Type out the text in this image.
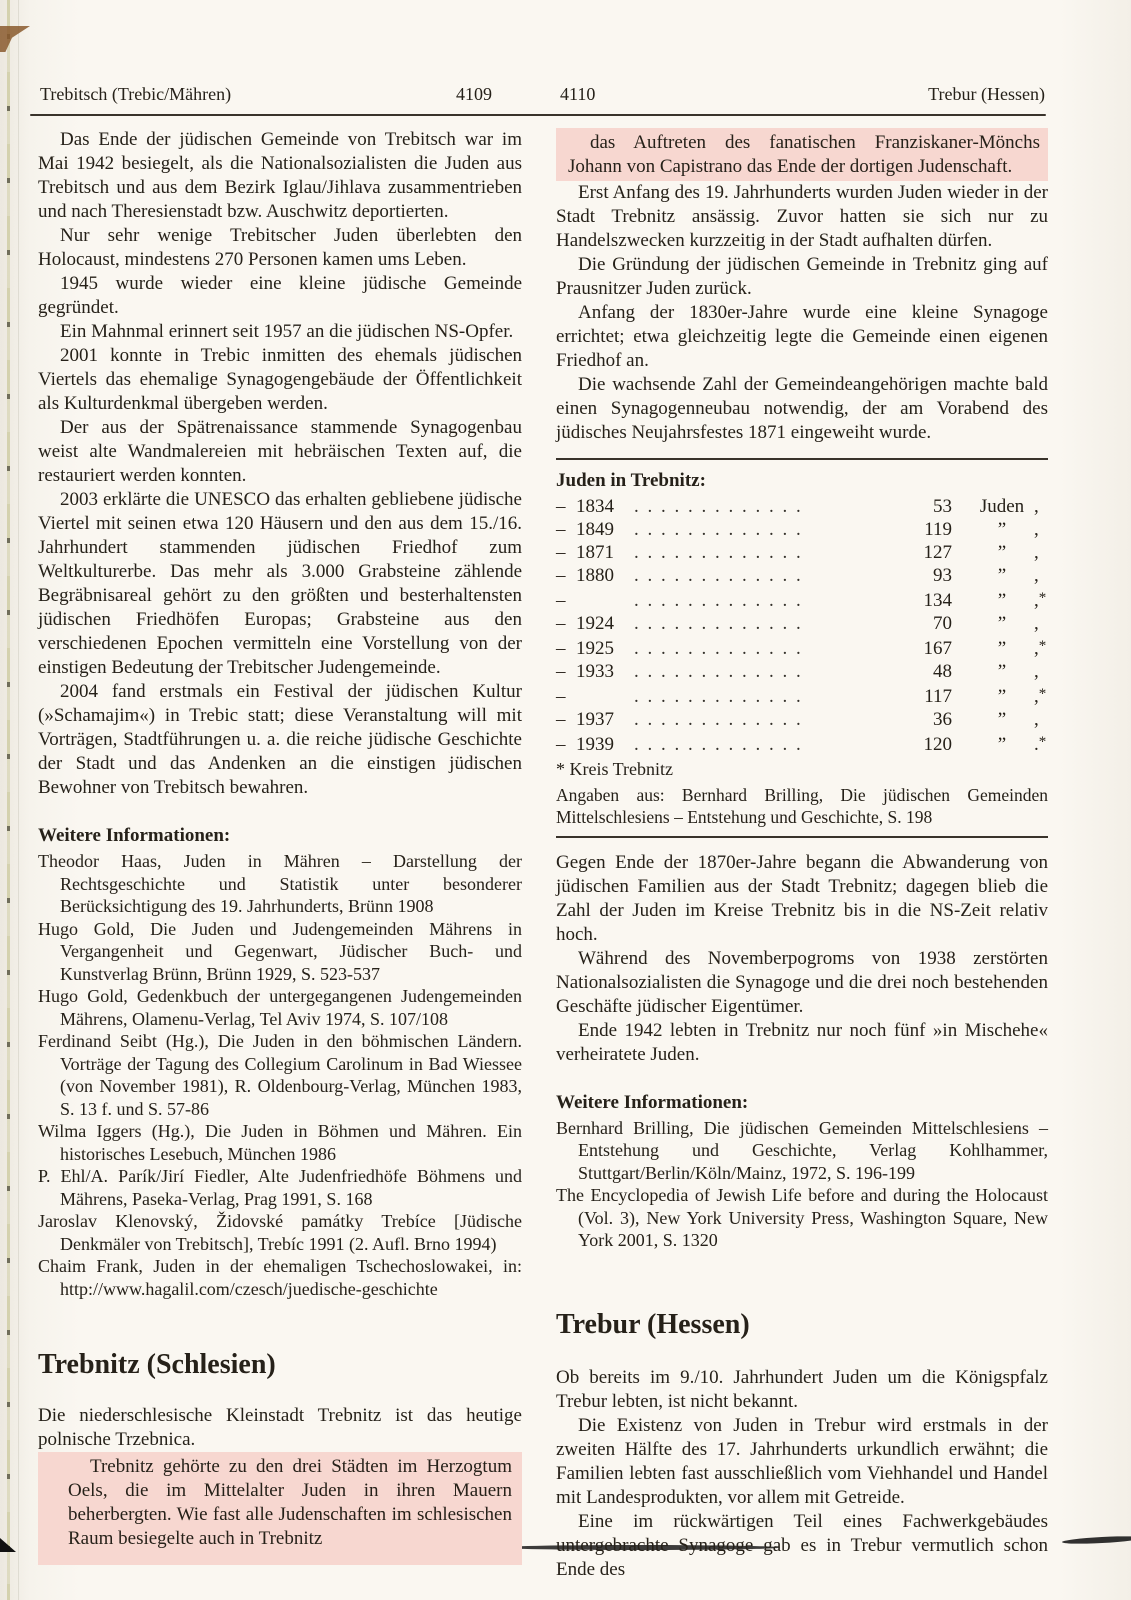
Trebitsch (Trebic/Mähren)	4109	4110	Trebur (Hessen)

Das Ende der jüdischen Gemeinde von Trebitsch war im Mai 1942 besiegelt, als die Nationalsozialisten die Juden aus Trebitsch und aus dem Bezirk Iglau/Jihlava zusammentrieben und nach Theresienstadt bzw. Auschwitz deportierten.

Nur sehr wenige Trebitscher Juden überlebten den Holocaust, mindestens 270 Personen kamen ums Leben.

1945 wurde wieder eine kleine jüdische Gemeinde gegründet.

Ein Mahnmal erinnert seit 1957 an die jüdischen NS-Opfer.

2001 konnte in Trebic inmitten des ehemals jüdischen Viertels das ehemalige Synagogengebäude der Öffentlichkeit als Kulturdenkmal übergeben werden.

Der aus der Spätrenaissance stammende Synagogenbau weist alte Wandmalereien mit hebräischen Texten auf, die restauriert werden konnten.

2003 erklärte die UNESCO das erhalten gebliebene jüdische Viertel mit seinen etwa 120 Häusern und den aus dem 15./16. Jahrhundert stammenden jüdischen Friedhof zum Weltkulturerbe. Das mehr als 3.000 Grabsteine zählende Begräbnisareal gehört zu den größten und besterhaltensten jüdischen Friedhöfen Europas; Grabsteine aus den verschiedenen Epochen vermitteln eine Vorstellung von der einstigen Bedeutung der Trebitscher Judengemeinde.

2004 fand erstmals ein Festival der jüdischen Kultur (»Schamajim«) in Trebic statt; diese Veranstaltung will mit Vorträgen, Stadtführungen u. a. die reiche jüdische Geschichte der Stadt und das Andenken an die einstigen jüdischen Bewohner von Trebitsch bewahren.

Weitere Informationen:

Theodor Haas, Juden in Mähren – Darstellung der Rechtsgeschichte und Statistik unter besonderer Berücksichtigung des 19. Jahrhunderts, Brünn 1908

Hugo Gold, Die Juden und Judengemeinden Mährens in Vergangenheit und Gegenwart, Jüdischer Buch- und Kunstverlag Brünn, Brünn 1929, S. 523-537

Hugo Gold, Gedenkbuch der untergegangenen Judengemeinden Mährens, Olamenu-Verlag, Tel Aviv 1974, S. 107/108

Ferdinand Seibt (Hg.), Die Juden in den böhmischen Ländern. Vorträge der Tagung des Collegium Carolinum in Bad Wiessee (von November 1981), R. Oldenbourg-Verlag, München 1983, S. 13 f. und S. 57-86

Wilma Iggers (Hg.), Die Juden in Böhmen und Mähren. Ein historisches Lesebuch, München 1986

P. Ehl/A. Parík/Jirí Fiedler, Alte Judenfriedhöfe Böhmens und Mährens, Paseka-Verlag, Prag 1991, S. 168

Jaroslav Klenovský, Židovské památky Trebíce [Jüdische Denkmäler von Trebitsch], Trebíc 1991 (2. Aufl. Brno 1994)

Chaim Frank, Juden in der ehemaligen Tschechoslowakei, in: http://www.hagalil.com/czesch/juedische-geschichte

Trebnitz (Schlesien)

Die niederschlesische Kleinstadt Trebnitz ist das heutige polnische Trzebnica.

Trebnitz gehörte zu den drei Städten im Herzogtum Oels, die im Mittelalter Juden in ihren Mauern beherbergten. Wie fast alle Judenschaften im schlesischen Raum besiegelte auch in Trebnitz

das Auftreten des fanatischen Franziskaner-Mönchs Johann von Capistrano das Ende der dortigen Judenschaft.

Erst Anfang des 19. Jahrhunderts wurden Juden wieder in der Stadt Trebnitz ansässig. Zuvor hatten sie sich nur zu Handelszwecken kurzzeitig in der Stadt aufhalten dürfen.

Die Gründung der jüdischen Gemeinde in Trebnitz ging auf Prausnitzer Juden zurück.

Anfang der 1830er-Jahre wurde eine kleine Synagoge errichtet; etwa gleichzeitig legte die Gemeinde einen eigenen Friedhof an.

Die wachsende Zahl der Gemeindeangehörigen machte bald einen Synagogenneubau notwendig, der am Vorabend des jüdisches Neujahrsfestes 1871 eingeweiht wurde.

Juden in Trebnitz:

– 1834	. . . . . . . . . . . . .	53	Juden ,
– 1849	. . . . . . . . . . . . .	119	”	,
– 1871	. . . . . . . . . . . . .	127	”	,
– 1880	. . . . . . . . . . . . .	93	”	,
–	. . . . . . . . . . . . .	134	”	,*
– 1924	. . . . . . . . . . . . .	70	”	,
– 1925	. . . . . . . . . . . . .	167	”	,*
– 1933	. . . . . . . . . . . . .	48	”	,
–	. . . . . . . . . . . . .	117	”	,*
– 1937	. . . . . . . . . . . . .	36	”	,
– 1939	. . . . . . . . . . . . .	120	”	.*
* Kreis Trebnitz
Angaben aus: Bernhard Brilling, Die jüdischen Gemeinden Mittelschlesiens – Entstehung und Geschichte, S. 198

Gegen Ende der 1870er-Jahre begann die Abwanderung von jüdischen Familien aus der Stadt Trebnitz; dagegen blieb die Zahl der Juden im Kreise Trebnitz bis in die NS-Zeit relativ hoch.

Während des Novemberpogroms von 1938 zerstörten Nationalsozialisten die Synagoge und die drei noch bestehenden Geschäfte jüdischer Eigentümer.

Ende 1942 lebten in Trebnitz nur noch fünf »in Mischehe« verheiratete Juden.

Weitere Informationen:

Bernhard Brilling, Die jüdischen Gemeinden Mittelschlesiens – Entstehung und Geschichte, Verlag Kohlhammer, Stuttgart/Berlin/Köln/Mainz, 1972, S. 196-199

The Encyclopedia of Jewish Life before and during the Holocaust (Vol. 3), New York University Press, Washington Square, New York 2001, S. 1320

Trebur (Hessen)

Ob bereits im 9./10. Jahrhundert Juden um die Königspfalz Trebur lebten, ist nicht bekannt.

Die Existenz von Juden in Trebur wird erstmals in der zweiten Hälfte des 17. Jahrhunderts urkundlich erwähnt; die Familien lebten fast ausschließlich vom Viehhandel und Handel mit Landesprodukten, vor allem mit Getreide.

Eine im rückwärtigen Teil eines Fachwerkgebäudes untergebrachte Synagoge gab es in Trebur vermutlich schon Ende des
